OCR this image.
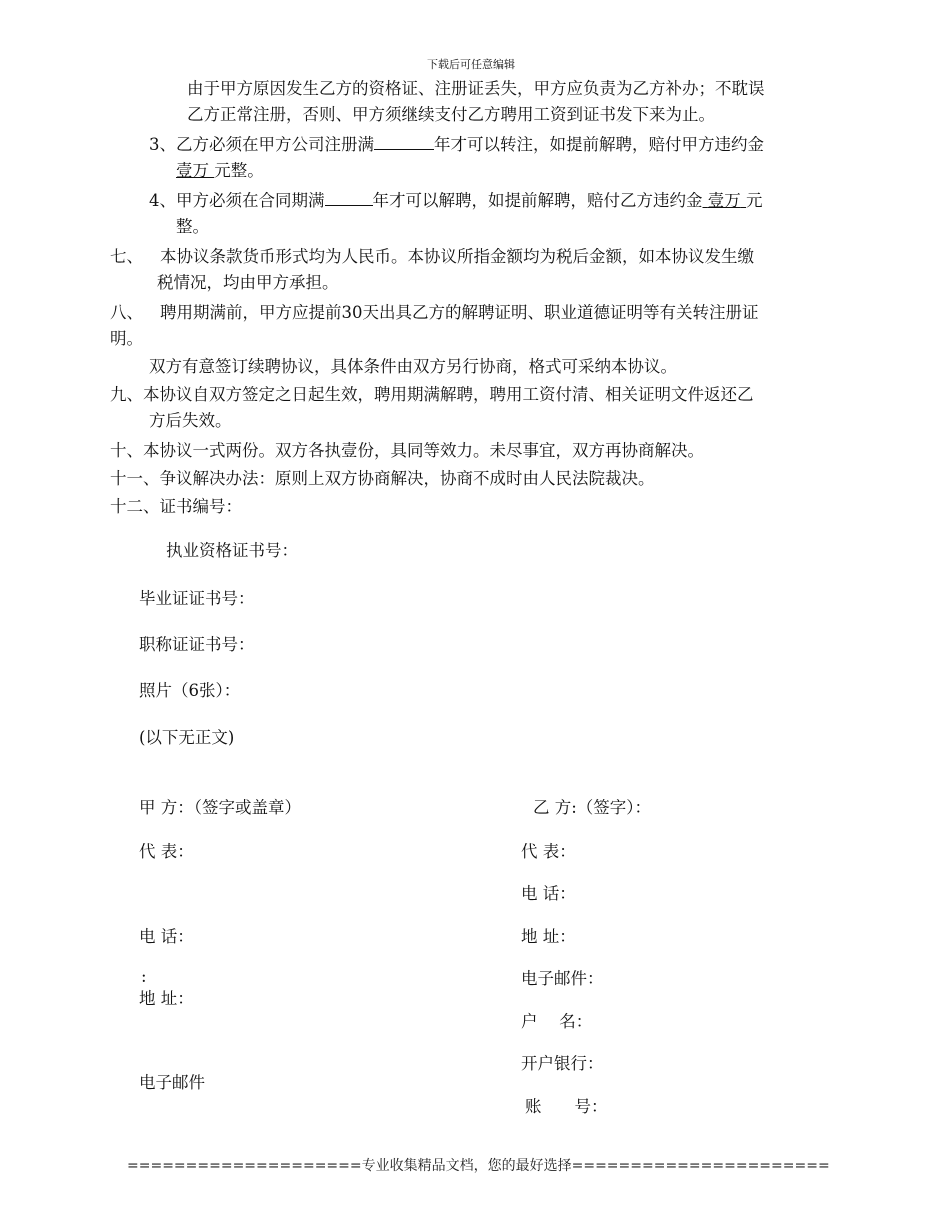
下载后可任意编辑
由于甲方原因发生乙方的资格证、注册证丢失，甲方应负责为乙方补办；不耽误
乙方正常注册，否则、甲方须继续支付乙方聘用工资到证书发下来为止。
3、乙方必须在甲方公司注册满	年才可以转注，如提前解聘，赔付甲方违约金
壹万 元整。
4、甲方必须在合同期满	年才可以解聘，如提前解聘，赔付乙方违约金 壹万 元
整。
七、 本协议条款货币形式均为人民币。本协议所指金额均为税后金额，如本协议发生缴
税情况，均由甲方承担。
八、 聘用期满前，甲方应提前30天出具乙方的解聘证明、职业道德证明等有关转注册证
明。
双方有意签订续聘协议，具体条件由双方另行协商，格式可采纳本协议。
九、本协议自双方签定之日起生效，聘用期满解聘，聘用工资付清、相关证明文件返还乙
方后失效。
十、本协议一式两份。双方各执壹份，具同等效力。未尽事宜，双方再协商解决。
十一、争议解决办法：原则上双方协商解决，协商不成时由人民法院裁决。
十二、证书编号：
执业资格证书号：
毕业证证书号：
职称证证书号：
照片（6张）：
(以下无正文)
甲 方：（签字或盖章）
代 表：
电 话：
:
地 址：
电子邮件
乙 方:（签字）：
代 表：
电 话：
地 址：
电子邮件：
户　 名：
开户银行：
账　　号：
====================专业收集精品文档，您的最好选择======================
